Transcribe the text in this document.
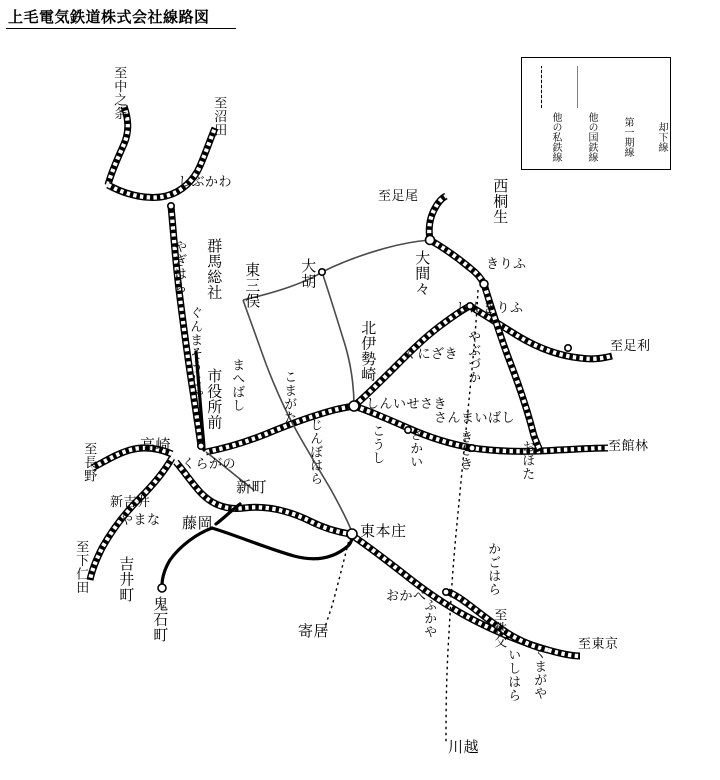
上毛電気鉄道株式会社線路図
他の私鉄線	他の国鉄線	第一期線	却下線
至中之条	至沼田
至足尾
至足利
至館林
至長野
至下仁田
至秩父	至東京
しぶかわ
やぎはら 群馬総社 東三俣	大胡	大間々
西桐生
きりふ
しんきりふ
やぶづか
くにざき
北伊勢崎
しんいせさき
さんまいばし
おほた
ぐんまそうじゃ 市役所前 まへばし	こまがた
じんぼはら	こうし さかい	きさき
高崎
くらがの
新町
新吉井
やまな 藤岡
吉井町
鬼石町
東本庄
寄居
おかべ
ふかや
かごはら
くまがや
いしはら
川越
